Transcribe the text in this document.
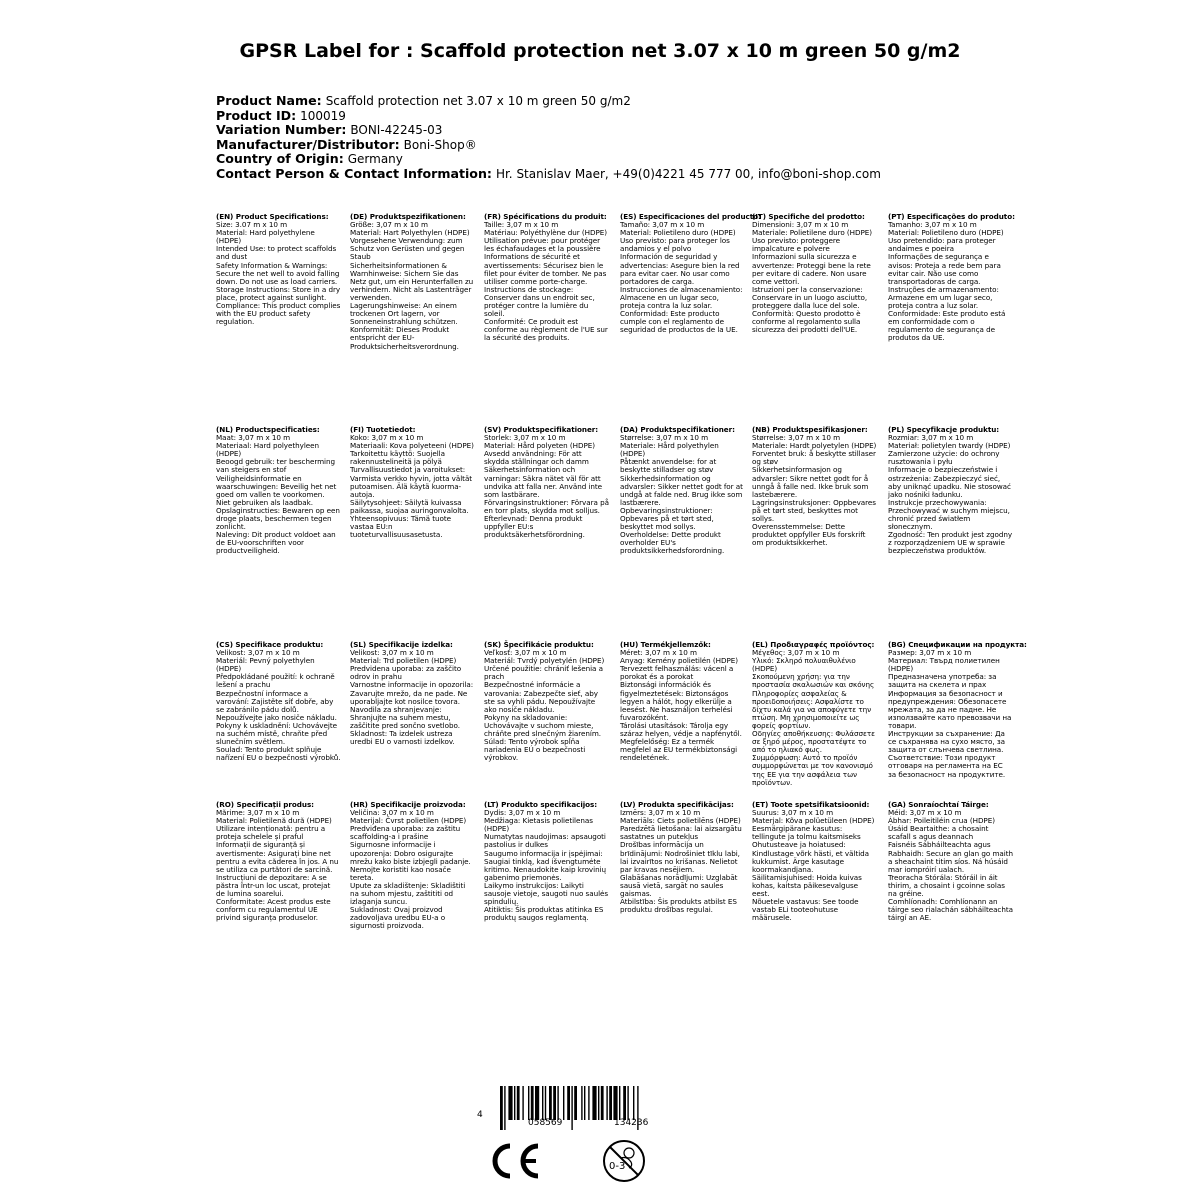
GPSR Label for : Scaffold protection net 3.07 x 10 m green 50 g/m2
Product Name: Scaffold protection net 3.07 x 10 m green 50 g/m2
Product ID: 100019
Variation Number: BONI-42245-03
Manufacturer/Distributor: Boni-Shop®
Country of Origin: Germany
Contact Person & Contact Information: Hr. Stanislav Maer, +49(0)4221 45 777 00, info@boni-shop.com
(EN) Product Specifications:
Size: 3.07 m x 10 m
Material: Hard polyethylene (HDPE)
Intended Use: to protect scaffolds and dust
Safety Information & Warnings: Secure the net well to avoid falling down. Do not use as load carriers.
Storage Instructions: Store in a dry place, protect against sunlight.
Compliance: This product complies with the EU product safety regulation.
(DE) Produktspezifikationen:
Größe: 3,07 m x 10 m
Material: Hart Polyethylen (HDPE)
Vorgesehene Verwendung: zum Schutz von Gerüsten und gegen Staub
Sicherheitsinformationen & Warnhinweise: Sichern Sie das Netz gut, um ein Herunterfallen zu verhindern. Nicht als Lastenträger verwenden.
Lagerungshinweise: An einem trockenen Ort lagern, vor Sonneneinstrahlung schützen.
Konformität: Dieses Produkt entspricht der EU-Produktsicherheitsverordnung.
(FR) Spécifications du produit:
Taille: 3,07 m x 10 m
Matériau: Polyéthylène dur (HDPE)
Utilisation prévue: pour protéger les échafaudages et la poussière
Informations de sécurité et avertissements: Sécurisez bien le filet pour éviter de tomber. Ne pas utiliser comme porte-charge.
Instructions de stockage: Conserver dans un endroit sec, protéger contre la lumière du soleil.
Conformité: Ce produit est conforme au règlement de l'UE sur la sécurité des produits.
(ES) Especificaciones del producto:
Tamaño: 3,07 m x 10 m
Material: Polietileno duro (HDPE)
Uso previsto: para proteger los andamios y el polvo
Información de seguridad y advertencias: Asegure bien la red para evitar caer. No usar como portadores de carga.
Instrucciones de almacenamiento: Almacene en un lugar seco, proteja contra la luz solar.
Conformidad: Este producto cumple con el reglamento de seguridad de productos de la UE.
(IT) Specifiche del prodotto:
Dimensioni: 3,07 m x 10 m
Materiale: Polietilene duro (HDPE)
Uso previsto: proteggere impalcature e polvere
Informazioni sulla sicurezza e avvertenze: Proteggi bene la rete per evitare di cadere. Non usare come vettori.
Istruzioni per la conservazione: Conservare in un luogo asciutto, proteggere dalla luce del sole.
Conformità: Questo prodotto è conforme al regolamento sulla sicurezza dei prodotti dell'UE.
(PT) Especificações do produto:
Tamanho: 3,07 m x 10 m
Material: Polietileno duro (HDPE)
Uso pretendido: para proteger andaimes e poeira
Informações de segurança e avisos: Proteja a rede bem para evitar cair. Não use como transportadoras de carga.
Instruções de armazenamento: Armazene em um lugar seco, proteja contra a luz solar.
Conformidade: Este produto está em conformidade com o regulamento de segurança de produtos da UE.
(NL) Productspecificaties:
Maat: 3,07 m x 10 m
Materiaal: Hard polyethyleen (HDPE)
Beoogd gebruik: ter bescherming van steigers en stof
Veiligheidsinformatie en waarschuwingen: Beveilig het net goed om vallen te voorkomen. Niet gebruiken als laadbak.
Opslaginstructies: Bewaren op een droge plaats, beschermen tegen zonlicht.
Naleving: Dit product voldoet aan de EU-voorschriften voor productveiligheid.
(FI) Tuotetiedot:
Koko: 3,07 m x 10 m
Materiaali: Kova polyeteeni (HDPE)
Tarkoitettu käyttö: Suojella rakennustelineitä ja pölyä
Turvallisuustiedot ja varoitukset: Varmista verkko hyvin, jotta vältät putoamisen. Älä käytä kuorma-autoja.
Säilytysohjeet: Säilytä kuivassa paikassa, suojaa auringonvalolta.
Yhteensopivuus: Tämä tuote vastaa EU:n tuoteturvallisuusasetusta.
(SV) Produktspecifikationer:
Storlek: 3,07 m x 10 m
Material: Hård polyeten (HDPE)
Avsedd användning: För att skydda ställningar och damm
Säkerhetsinformation och varningar: Säkra nätet väl för att undvika att falla ner. Använd inte som lastbärare.
Förvaringsinstruktioner: Förvara på en torr plats, skydda mot solljus.
Efterlevnad: Denna produkt uppfyller EU:s produktsäkerhetsförordning.
(DA) Produktspecifikationer:
Størrelse: 3,07 m x 10 m
Materiale: Hård polyethylen (HDPE)
Påtænkt anvendelse: for at beskytte stilladser og støv
Sikkerhedsinformation og advarsler: Sikker nettet godt for at undgå at falde ned. Brug ikke som lastbærere.
Opbevaringsinstruktioner: Opbevares på et tørt sted, beskyttet mod sollys.
Overholdelse: Dette produkt overholder EU's produktsikkerhedsforordning.
(NB) Produktspesifikasjoner:
Størrelse: 3,07 m x 10 m
Materiale: Hardt polyetylen (HDPE)
Forventet bruk: å beskytte stillaser og støv
Sikkerhetsinformasjon og advarsler: Sikre nettet godt for å unngå å falle ned. Ikke bruk som lastebærere.
Lagringsinstruksjoner: Oppbevares på et tørt sted, beskyttes mot sollys.
Overensstemmelse: Dette produktet oppfyller EUs forskrift om produktsikkerhet.
(PL) Specyfikacje produktu:
Rozmiar: 3,07 m x 10 m
Materiał: polietylen twardy (HDPE)
Zamierzone użycie: do ochrony rusztowania i pyłu
Informacje o bezpieczeństwie i ostrzeżenia: Zabezpieczyć sieć, aby uniknąć upadku. Nie stosować jako nośniki ładunku.
Instrukcje przechowywania: Przechowywać w suchym miejscu, chronić przed światłem słonecznym.
Zgodność: Ten produkt jest zgodny z rozporządzeniem UE w sprawie bezpieczeństwa produktów.
(CS) Specifikace produktu:
Velikost: 3,07 m x 10 m
Materiál: Pevný polyethylen (HDPE)
Předpokládané použití: k ochraně lešení a prachu
Bezpečnostní informace a varování: Zajistěte síť dobře, aby se zabránilo pádu dolů. Nepoužívejte jako nosiče nákladu.
Pokyny k uskladnění: Uchovávejte na suchém místě, chraňte před slunečním světlem.
Soulad: Tento produkt splňuje nařízení EU o bezpečnosti výrobků.
(SL) Specifikacije izdelka:
Velikost: 3,07 m x 10 m
Material: Trd polietilen (HDPE)
Predvidena uporaba: za zaščito odrov in prahu
Varnostne informacije in opozorila: Zavarujte mrežo, da ne pade. Ne uporabljajte kot nosilce tovora.
Navodila za shranjevanje: Shranjujte na suhem mestu, zaščitite pred sončno svetlobo.
Skladnost: Ta izdelek ustreza uredbi EU o varnosti izdelkov.
(SK) Špecifikácie produktu:
Veľkosť: 3,07 m x 10 m
Materiál: Tvrdý polyetylén (HDPE)
Určené použitie: chrániť lešenia a prach
Bezpečnostné informácie a varovania: Zabezpečte sieť, aby ste sa vyhli pádu. Nepoužívajte ako nosiče nákladu.
Pokyny na skladovanie: Uchovávajte v suchom mieste, chráňte pred slnečným žiarením.
Súlad: Tento výrobok spĺňa nariadenia EÚ o bezpečnosti výrobkov.
(HU) Termékjellemzők:
Méret: 3,07 m x 10 m
Anyag: Kemény polietilén (HDPE)
Tervezett felhasználás: vácenl a porokat és a porokat
Biztonsági információk és figyelmeztetések: Biztonságos legyen a hálót, hogy elkerülje a leesést. Ne használjon terhelési fuvarozóként.
Tárolási utasítások: Tárolja egy száraz helyen, védje a napfénytől.
Megfelelőség: Ez a termék megfelel az EU termékbiztonsági rendeletének.
(EL) Προδιαγραφές προϊόντος:
Μέγεθος: 3,07 m x 10 m
Υλικό: Σκληρό πολυαιθυλένιο (HDPE)
Σκοπούμενη χρήση: για την προστασία σκαλωσιών και σκόνης
Πληροφορίες ασφαλείας & προειδοποιήσεις: Ασφαλίστε το δίχτυ καλά για να αποφύγετε την πτώση. Μη χρησιμοποιείτε ως φορείς φορτίων.
Οδηγίες αποθήκευσης: Φυλάσσετε σε ξηρό μέρος, προστατέψτε το από το ηλιακό φως.
Συμμόρφωση: Αυτό το προϊόν συμμορφώνεται με τον κανονισμό της ΕΕ για την ασφάλεια των προϊόντων.
(BG) Спецификации на продукта:
Размер: 3,07 m x 10 m
Материал: Твърд полиетилен (HDPE)
Предназначена употреба: за защита на скелета и прах
Информация за безопасност и предупреждения: Обезопасете мрежата, за да не падне. Не използвайте като превозвачи на товари.
Инструкции за съхранение: Да се съхранява на сухо място, за защита от слънчева светлина.
Съответствие: Този продукт отговаря на регламента на ЕС за безопасност на продуктите.
(RO) Specificații produs:
Mărime: 3,07 m x 10 m
Material: Polietilenă dură (HDPE)
Utilizare intenționată: pentru a proteja schelele și praful
Informații de siguranță și avertismente: Asigurați bine net pentru a evita căderea în jos. A nu se utiliza ca purtători de sarcină.
Instrucțiuni de depozitare: A se păstra într-un loc uscat, protejat de lumina soarelui.
Conformitate: Acest produs este conform cu regulamentul UE privind siguranța produselor.
(HR) Specifikacije proizvoda:
Veličina: 3,07 m x 10 m
Materijal: Čvrst polietilen (HDPE)
Predviđena uporaba: za zaštitu scaffolding-a i prašine
Sigurnosne informacije i upozorenja: Dobro osigurajte mrežu kako biste izbjegli padanje. Nemojte koristiti kao nosače tereta.
Upute za skladištenje: Skladištiti na suhom mjestu, zaštititi od izlaganja suncu.
Sukladnost: Ovaj proizvod zadovoljava uredbu EU-a o sigurnosti proizvoda.
(LT) Produkto specifikacijos:
Dydis: 3,07 m x 10 m
Medžiaga: Kietasis polietilenas (HDPE)
Numatytas naudojimas: apsaugoti pastolius ir dulkes
Saugumo informacija ir įspėjimai: Saugiai tinklą, kad išvengtumėte kritimo. Nenaudokite kaip krovinių gabenimo priemonės.
Laikymo instrukcijos: Laikyti sausoje vietoje, saugoti nuo saulės spindulių.
Atitiktis: Šis produktas atitinka ES produktų saugos reglamentą.
(LV) Produkta specifikācijas:
Izmērs: 3,07 m x 10 m
Materiāls: Ciets polietilēns (HDPE)
Paredzētā lietošana: lai aizsargātu sastatnes un putekļus
Drošības informācija un brīdinājumi: Nodrošiniet tīklu labi, lai izvairītos no krišanas. Nelietot par kravas nesējiem.
Glabāšanas norādījumi: Uzglabāt sausā vietā, sargāt no saules gaismas.
Atbilstība: Šis produkts atbilst ES produktu drošības regulai.
(ET) Toote spetsifikatsioonid:
Suurus: 3,07 m x 10 m
Materjal: Kõva polüetüleen (HDPE)
Eesmärgipärane kasutus: tellingute ja tolmu kaitsmiseks
Ohutusteave ja hoiatused: Kindlustage võrk hästi, et vältida kukkumist. Ärge kasutage koormakandjana.
Säilitamisjuhised: Hoida kuivas kohas, kaitsta päikesevalguse eest.
Nõuetele vastavus: See toode vastab ELi tooteohutuse määrusele.
(GA) Sonraíochtaí Táirge:
Méid: 3,07 m x 10 m
Ábhar: Poileitiléin crua (HDPE)
Úsáid Beartaithe: a chosaint scafall s agus deannach
Faisnéis Sábháilteachta agus Rabhaidh: Secure an glan go maith a sheachaint titim síos. Ná húsáid mar iompróirí ualach.
Treoracha Stórála: Stóráil in áit thirim, a chosaint i gcoinne solas na gréine.
Comhlíonadh: Comhlíonann an táirge seo rialachán sábháilteachta táirgí an AE.
4
058569	134236
0-3
